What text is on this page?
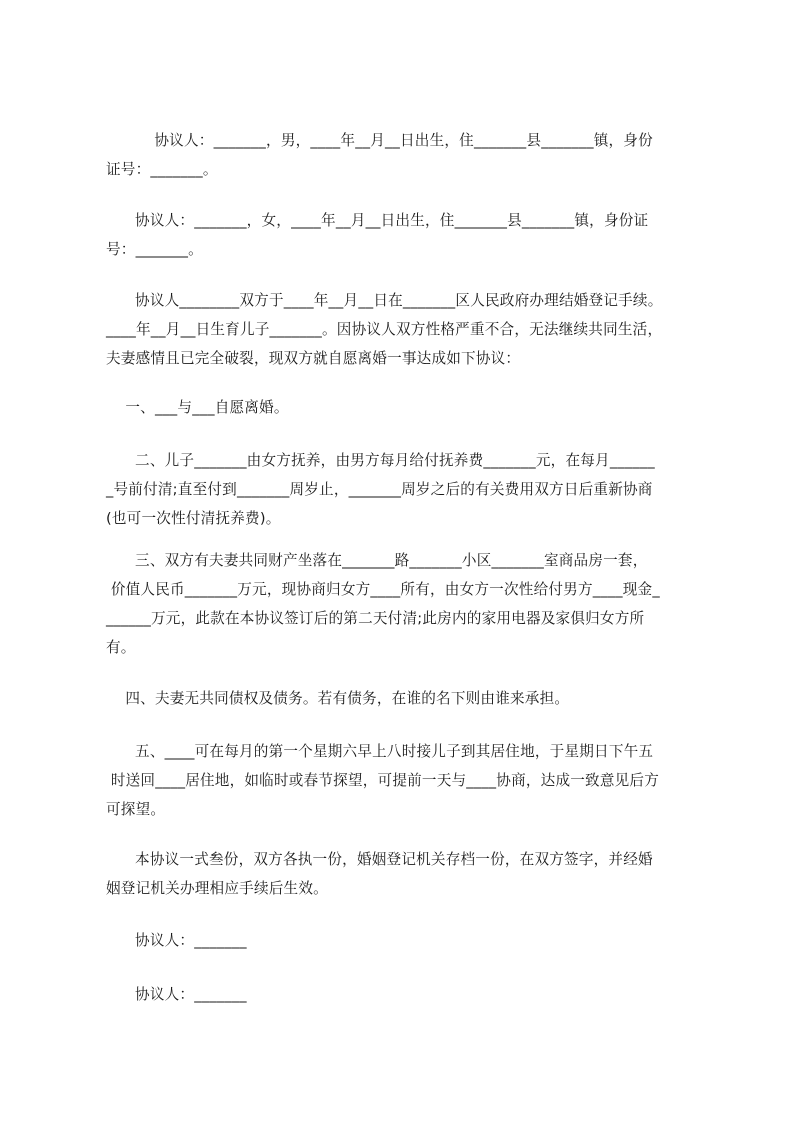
协议人：_______，男，____年__月__日出生，住_______县_______镇，身份
证号：_______。

协议人：_______，女，____年__月__日出生，住_______县_______镇，身份证
号：_______。

协议人________双方于____年__月__日在_______区人民政府办理结婚登记手续。
____年__月__日生育儿子_______。因协议人双方性格严重不合，无法继续共同生活，
夫妻感情且已完全破裂，现双方就自愿离婚一事达成如下协议：

一、___与___自愿离婚。

二、儿子_______由女方抚养，由男方每月给付抚养费_______元，在每月______
_号前付清;直至付到_______周岁止，_______周岁之后的有关费用双方日后重新协商
(也可一次性付清抚养费)。

三、双方有夫妻共同财产坐落在_______路_______小区_______室商品房一套，
价值人民币_______万元，现协商归女方____所有，由女方一次性给付男方____现金_
______万元，此款在本协议签订后的第二天付清;此房内的家用电器及家俱归女方所
有。

四、夫妻无共同债权及债务。若有债务，在谁的名下则由谁来承担。

五、____可在每月的第一个星期六早上八时接儿子到其居住地，于星期日下午五
时送回____居住地，如临时或春节探望，可提前一天与____协商，达成一致意见后方
可探望。

本协议一式叁份，双方各执一份，婚姻登记机关存档一份，在双方签字，并经婚
姻登记机关办理相应手续后生效。

协议人：_______

协议人：_______
